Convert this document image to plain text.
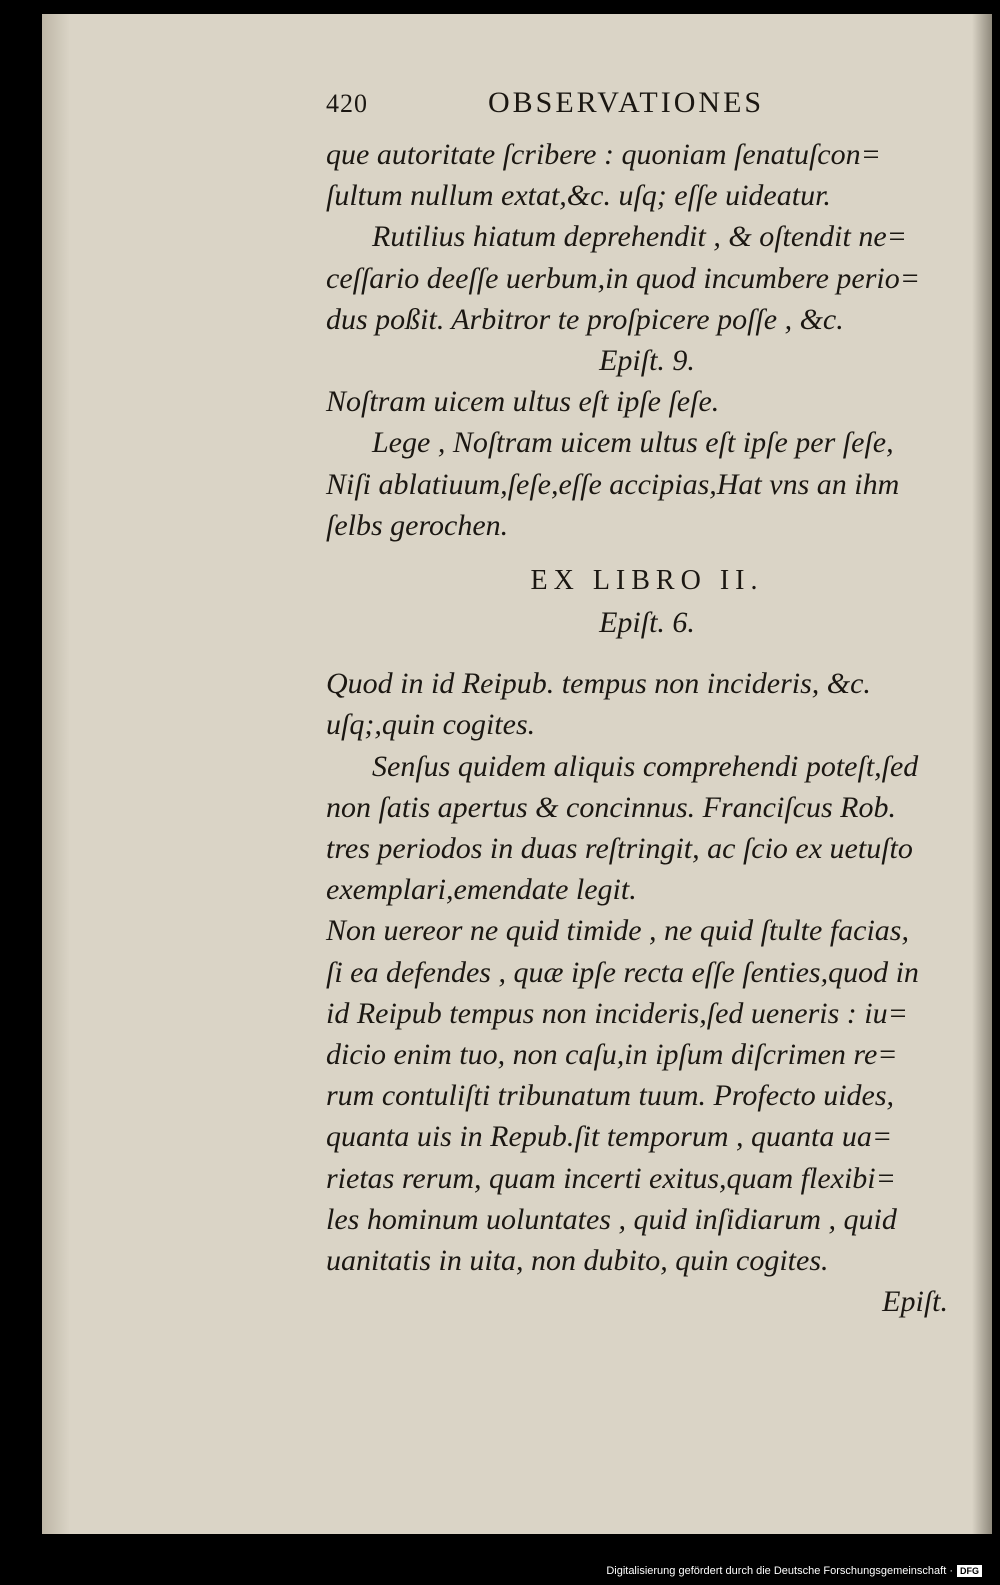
420	OBSERVATIONES
que autoritate ſcribere : quoniam ſenatuſcon=
ſultum nullum extat,&c. uſq; eſſe uideatur.
Rutilius hiatum deprehendit , & oſtendit ne=
ceſſario deeſſe uerbum,in quod incumbere perio=
dus poßit. Arbitror te proſpicere poſſe , &c.
Epiſt. 9.
Noſtram uicem ultus eſt ipſe ſeſe.
Lege , Noſtram uicem ultus eſt ipſe per ſeſe,
Niſi ablatiuum,ſeſe,eſſe accipias,Hat vns an ihm
ſelbs gerochen.
EX LIBRO II.
Epiſt. 6.
Quod in id Reipub. tempus non incideris, &c.
uſq;,quin cogites.
Senſus quidem aliquis comprehendi poteſt,ſed
non ſatis apertus & concinnus. Franciſcus Rob.
tres periodos in duas reſtringit, ac ſcio ex uetuſto
exemplari,emendate legit.
Non uereor ne quid timide , ne quid ſtulte facias,
ſi ea defendes , quæ ipſe recta eſſe ſenties,quod in
id Reipub tempus non incideris,ſed ueneris : iu=
dicio enim tuo, non caſu,in ipſum diſcrimen re=
rum contuliſti tribunatum tuum. Profecto uides,
quanta uis in Repub.ſit temporum , quanta ua=
rietas rerum, quam incerti exitus,quam flexibi=
les hominum uoluntates , quid inſidiarum , quid
uanitatis in uita, non dubito, quin cogites.
Epiſt.
Digitalisierung gefördert durch die Deutsche Forschungsgemeinschaft · DFG
